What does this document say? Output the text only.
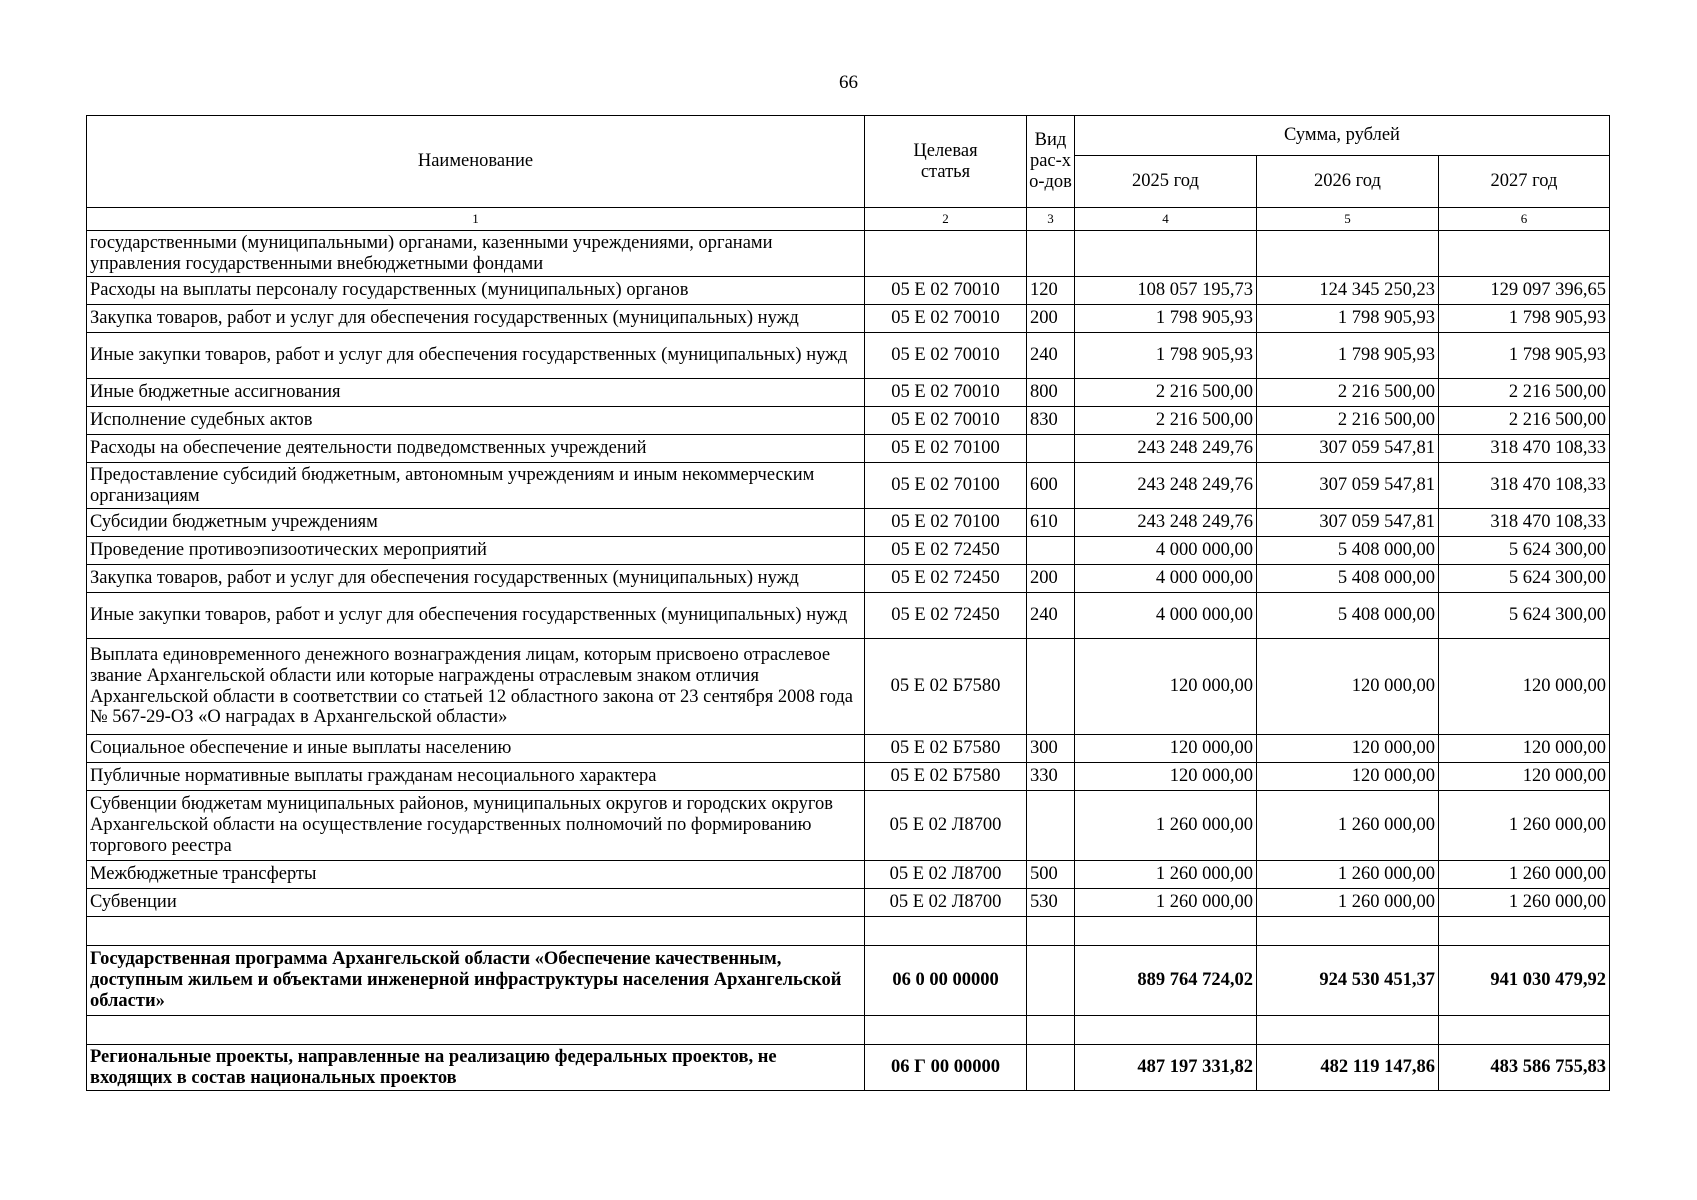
66
Наименование	Целевая статья	Вид рас-хо-дов	Сумма, рублей		
			2025 год	2026 год	2027 год
1	2	3	4	5	6
государственными (муниципальными) органами, казенными учреждениями, органами управления государственными внебюджетными фондами					
Расходы на выплаты персоналу государственных (муниципальных) органов	05 Е 02 70010	120	108 057 195,73	124 345 250,23	129 097 396,65
Закупка товаров, работ и услуг для обеспечения государственных (муниципальных) нужд	05 Е 02 70010	200	1 798 905,93	1 798 905,93	1 798 905,93
Иные закупки товаров, работ и услуг для обеспечения государственных (муниципальных) нужд	05 Е 02 70010	240	1 798 905,93	1 798 905,93	1 798 905,93
Иные бюджетные ассигнования	05 Е 02 70010	800	2 216 500,00	2 216 500,00	2 216 500,00
Исполнение судебных актов	05 Е 02 70010	830	2 216 500,00	2 216 500,00	2 216 500,00
Расходы на обеспечение деятельности подведомственных учреждений	05 Е 02 70100		243 248 249,76	307 059 547,81	318 470 108,33
Предоставление субсидий бюджетным, автономным учреждениям и иным некоммерческим организациям	05 Е 02 70100	600	243 248 249,76	307 059 547,81	318 470 108,33
Субсидии бюджетным учреждениям	05 Е 02 70100	610	243 248 249,76	307 059 547,81	318 470 108,33
Проведение противоэпизоотических мероприятий	05 Е 02 72450		4 000 000,00	5 408 000,00	5 624 300,00
Закупка товаров, работ и услуг для обеспечения государственных (муниципальных) нужд	05 Е 02 72450	200	4 000 000,00	5 408 000,00	5 624 300,00
Иные закупки товаров, работ и услуг для обеспечения государственных (муниципальных) нужд	05 Е 02 72450	240	4 000 000,00	5 408 000,00	5 624 300,00
Выплата единовременного денежного вознаграждения лицам, которым присвоено отраслевое звание Архангельской области или которые награждены отраслевым знаком отличия Архангельской области в соответствии со статьей 12 областного закона от 23 сентября 2008 года № 567-29-ОЗ «О наградах в Архангельской области»	05 Е 02 Б7580		120 000,00	120 000,00	120 000,00
Социальное обеспечение и иные выплаты населению	05 Е 02 Б7580	300	120 000,00	120 000,00	120 000,00
Публичные нормативные выплаты гражданам несоциального характера	05 Е 02 Б7580	330	120 000,00	120 000,00	120 000,00
Субвенции бюджетам муниципальных районов, муниципальных округов и городских округов Архангельской области на осуществление государственных полномочий по формированию торгового реестра	05 Е 02 Л8700		1 260 000,00	1 260 000,00	1 260 000,00
Межбюджетные трансферты	05 Е 02 Л8700	500	1 260 000,00	1 260 000,00	1 260 000,00
Субвенции	05 Е 02 Л8700	530	1 260 000,00	1 260 000,00	1 260 000,00

Государственная программа Архангельской области «Обеспечение качественным, доступным жильем и объектами инженерной инфраструктуры населения Архангельской области»	06 0 00 00000		889 764 724,02	924 530 451,37	941 030 479,92

Региональные проекты, направленные на реализацию федеральных проектов, не входящих в состав национальных проектов	06 Г 00 00000		487 197 331,82	482 119 147,86	483 586 755,83
